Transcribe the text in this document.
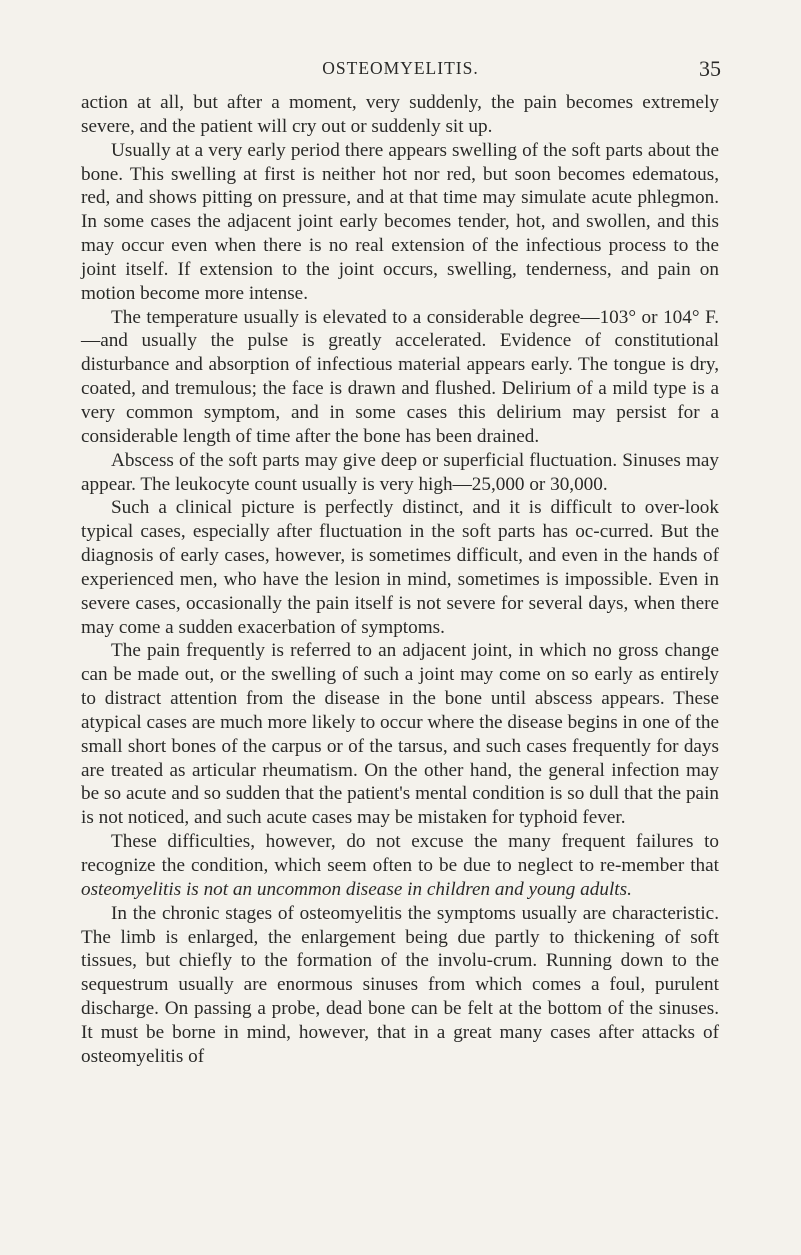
OSTEOMYELITIS.	35

action at all, but after a moment, very suddenly, the pain becomes extremely severe, and the patient will cry out or suddenly sit up.

Usually at a very early period there appears swelling of the soft parts about the bone. This swelling at first is neither hot nor red, but soon becomes edematous, red, and shows pitting on pressure, and at that time may simulate acute phlegmon. In some cases the adjacent joint early becomes tender, hot, and swollen, and this may occur even when there is no real extension of the infectious process to the joint itself. If extension to the joint occurs, swelling, tenderness, and pain on motion become more intense.

The temperature usually is elevated to a considerable degree—103° or 104° F.—and usually the pulse is greatly accelerated. Evidence of constitutional disturbance and absorption of infectious material appears early. The tongue is dry, coated, and tremulous; the face is drawn and flushed. Delirium of a mild type is a very common symptom, and in some cases this delirium may persist for a considerable length of time after the bone has been drained.

Abscess of the soft parts may give deep or superficial fluctuation. Sinuses may appear. The leukocyte count usually is very high—25,000 or 30,000.

Such a clinical picture is perfectly distinct, and it is difficult to over-look typical cases, especially after fluctuation in the soft parts has oc-curred. But the diagnosis of early cases, however, is sometimes difficult, and even in the hands of experienced men, who have the lesion in mind, sometimes is impossible. Even in severe cases, occasionally the pain itself is not severe for several days, when there may come a sudden exacerbation of symptoms.

The pain frequently is referred to an adjacent joint, in which no gross change can be made out, or the swelling of such a joint may come on so early as entirely to distract attention from the disease in the bone until abscess appears. These atypical cases are much more likely to occur where the disease begins in one of the small short bones of the carpus or of the tarsus, and such cases frequently for days are treated as articular rheumatism. On the other hand, the general infection may be so acute and so sudden that the patient's mental condition is so dull that the pain is not noticed, and such acute cases may be mistaken for typhoid fever.

These difficulties, however, do not excuse the many frequent failures to recognize the condition, which seem often to be due to neglect to re-member that osteomyelitis is not an uncommon disease in children and young adults.

In the chronic stages of osteomyelitis the symptoms usually are characteristic. The limb is enlarged, the enlargement being due partly to thickening of soft tissues, but chiefly to the formation of the involu-crum. Running down to the sequestrum usually are enormous sinuses from which comes a foul, purulent discharge. On passing a probe, dead bone can be felt at the bottom of the sinuses. It must be borne in mind, however, that in a great many cases after attacks of osteomyelitis of
